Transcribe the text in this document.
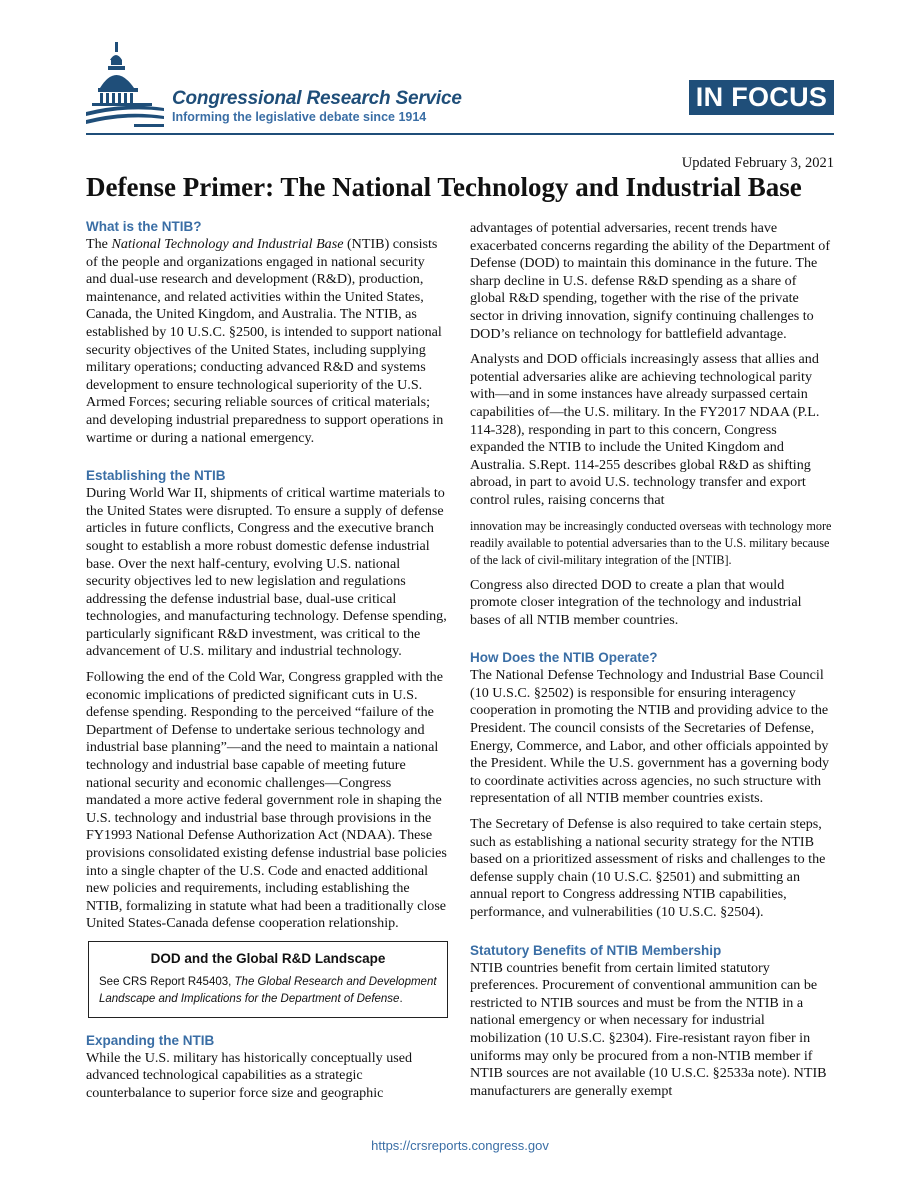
Congressional Research Service
Informing the legislative debate since 1914
IN FOCUS
Updated February 3, 2021
Defense Primer: The National Technology and Industrial Base
What is the NTIB?

The National Technology and Industrial Base (NTIB) consists of the people and organizations engaged in national security and dual-use research and development (R&D), production, maintenance, and related activities within the United States, Canada, the United Kingdom, and Australia. The NTIB, as established by 10 U.S.C. §2500, is intended to support national security objectives of the United States, including supplying military operations; conducting advanced R&D and systems development to ensure technological superiority of the U.S. Armed Forces; securing reliable sources of critical materials; and developing industrial preparedness to support operations in wartime or during a national emergency.

Establishing the NTIB

During World War II, shipments of critical wartime materials to the United States were disrupted. To ensure a supply of defense articles in future conflicts, Congress and the executive branch sought to establish a more robust domestic defense industrial base. Over the next half-century, evolving U.S. national security objectives led to new legislation and regulations addressing the defense industrial base, dual-use critical technologies, and manufacturing technology. Defense spending, particularly significant R&D investment, was critical to the advancement of U.S. military and industrial technology.

Following the end of the Cold War, Congress grappled with the economic implications of predicted significant cuts in U.S. defense spending. Responding to the perceived “failure of the Department of Defense to undertake serious technology and industrial base planning”—and the need to maintain a national technology and industrial base capable of meeting future national security and economic challenges—Congress mandated a more active federal government role in shaping the U.S. technology and industrial base through provisions in the FY1993 National Defense Authorization Act (NDAA). These provisions consolidated existing defense industrial base policies into a single chapter of the U.S. Code and enacted additional new policies and requirements, including establishing the NTIB, formalizing in statute what had been a traditionally close United States-Canada defense cooperation relationship.

DOD and the Global R&D Landscape
See CRS Report R45403, The Global Research and Development Landscape and Implications for the Department of Defense.
Expanding the NTIB

While the U.S. military has historically conceptually used advanced technological capabilities as a strategic counterbalance to superior force size and geographic

advantages of potential adversaries, recent trends have exacerbated concerns regarding the ability of the Department of Defense (DOD) to maintain this dominance in the future. The sharp decline in U.S. defense R&D spending as a share of global R&D spending, together with the rise of the private sector in driving innovation, signify continuing challenges to DOD’s reliance on technology for battlefield advantage.

Analysts and DOD officials increasingly assess that allies and potential adversaries alike are achieving technological parity with—and in some instances have already surpassed certain capabilities of—the U.S. military. In the FY2017 NDAA (P.L. 114-328), responding in part to this concern, Congress expanded the NTIB to include the United Kingdom and Australia. S.Rept. 114-255 describes global R&D as shifting abroad, in part to avoid U.S. technology transfer and export control rules, raising concerns that

innovation may be increasingly conducted overseas with technology more readily available to potential adversaries than to the U.S. military because of the lack of civil-military integration of the [NTIB].

Congress also directed DOD to create a plan that would promote closer integration of the technology and industrial bases of all NTIB member countries.

How Does the NTIB Operate?

The National Defense Technology and Industrial Base Council (10 U.S.C. §2502) is responsible for ensuring interagency cooperation in promoting the NTIB and providing advice to the President. The council consists of the Secretaries of Defense, Energy, Commerce, and Labor, and other officials appointed by the President. While the U.S. government has a governing body to coordinate activities across agencies, no such structure with representation of all NTIB member countries exists.

The Secretary of Defense is also required to take certain steps, such as establishing a national security strategy for the NTIB based on a prioritized assessment of risks and challenges to the defense supply chain (10 U.S.C. §2501) and submitting an annual report to Congress addressing NTIB capabilities, performance, and vulnerabilities (10 U.S.C. §2504).

Statutory Benefits of NTIB Membership

NTIB countries benefit from certain limited statutory preferences. Procurement of conventional ammunition can be restricted to NTIB sources and must be from the NTIB in a national emergency or when necessary for industrial mobilization (10 U.S.C. §2304). Fire-resistant rayon fiber in uniforms may only be procured from a non-NTIB member if NTIB sources are not available (10 U.S.C. §2533a note). NTIB manufacturers are generally exempt

https://crsreports.congress.gov
